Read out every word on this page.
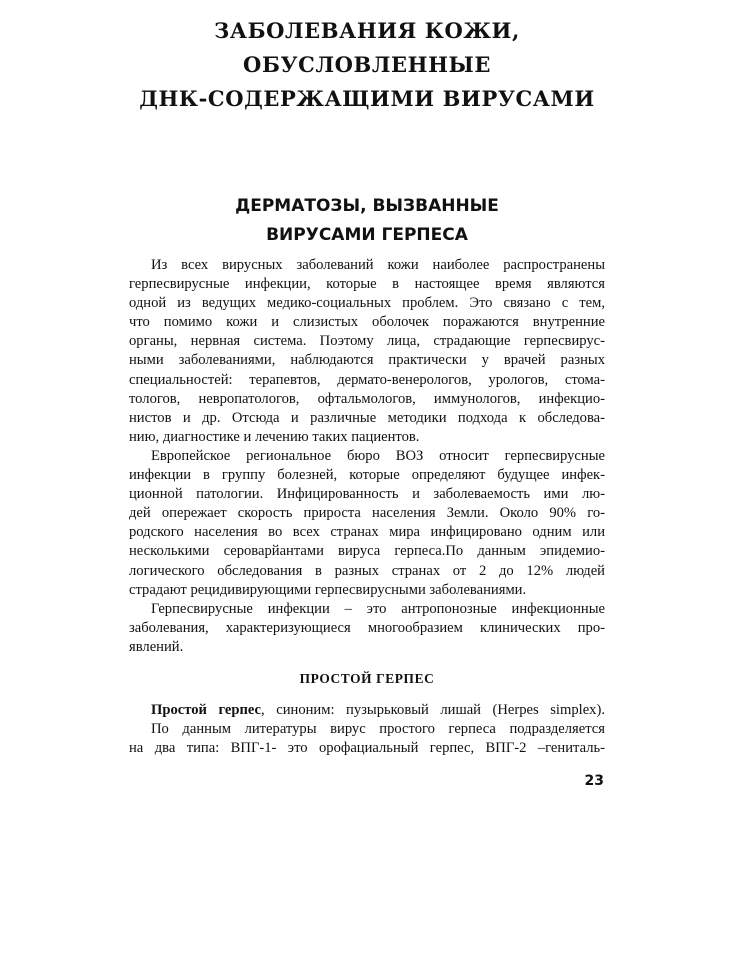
ЗАБОЛЕВАНИЯ КОЖИ,
ОБУСЛОВЛЕННЫЕ
ДНК-СОДЕРЖАЩИМИ ВИРУСАМИ
ДЕРМАТОЗЫ, ВЫЗВАННЫЕ
ВИРУСАМИ ГЕРПЕСА

Из всех вирусных заболеваний кожи наиболее распространены
герпесвирусные инфекции, которые в настоящее время являются
одной из ведущих медико-социальных проблем. Это связано с тем,
что помимо кожи и слизистых оболочек поражаются внутренние
органы, нервная система. Поэтому лица, страдающие герпесвирус-
ными заболеваниями, наблюдаются практически у врачей разных
специальностей: терапевтов, дермато-венерологов, урологов, стома-
тологов, невропатологов, офтальмологов, иммунологов, инфекцио-
нистов и др. Отсюда и различные методики подхода к обследова-
нию, диагностике и лечению таких пациентов.

Европейское региональное бюро ВОЗ относит герпесвирусные
инфекции в группу болезней, которые определяют будущее инфек-
ционной патологии. Инфицированность и заболеваемость ими лю-
дей опережает скорость прироста населения Земли. Около 90% го-
родского населения во всех странах мира инфицировано одним или
несколькими сероварйантами вируса герпеса.По данным эпидемио-
логического обследования в разных странах от 2 до 12% людей
страдают рецидивирующими герпесвирусными заболеваниями.

Герпесвирусные инфекции – это антропонозные инфекционные
заболевания, характеризующиеся многообразием клинических про-
явлений.

ПРОСТОЙ ГЕРПЕС

Простой герпес, синоним: пузырьковый лишай (Herpes simplex).

По данным литературы вирус простого герпеса подразделяется
на два типа: ВПГ-1- это орофациальный герпес, ВПГ-2 –гениталь-

23
